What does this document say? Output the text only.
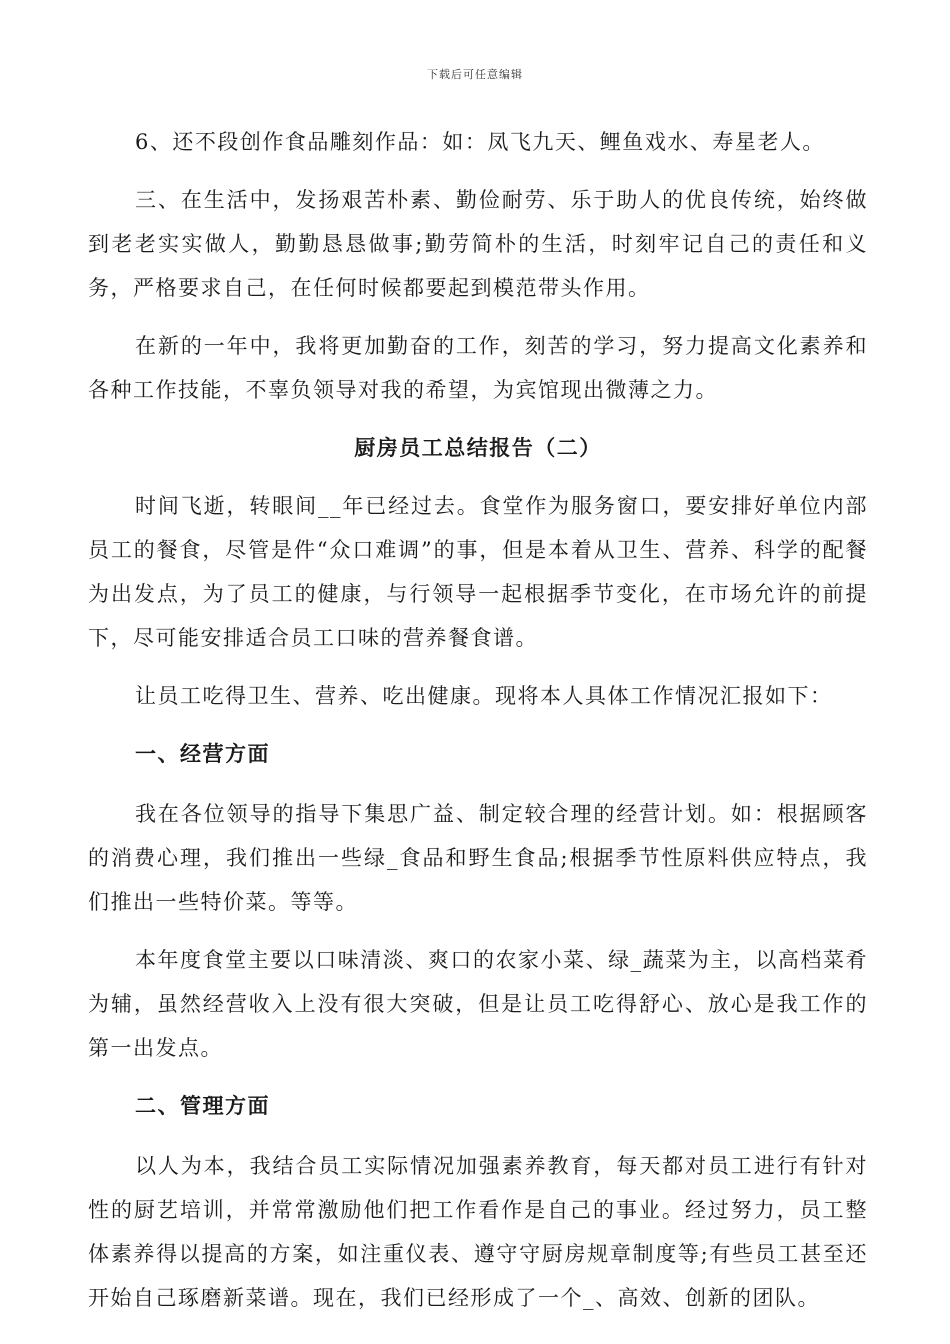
下载后可任意编辑

6、还不段创作食品雕刻作品：如：凤飞九天、鲤鱼戏水、寿星老人。

三、在生活中，发扬艰苦朴素、勤俭耐劳、乐于助人的优良传统，始终做到老老实实做人，勤勤恳恳做事;勤劳简朴的生活，时刻牢记自己的责任和义务，严格要求自己，在任何时候都要起到模范带头作用。

在新的一年中，我将更加勤奋的工作，刻苦的学习，努力提高文化素养和各种工作技能，不辜负领导对我的希望，为宾馆现出微薄之力。

厨房员工总结报告（二）

时间飞逝，转眼间__年已经过去。食堂作为服务窗口，要安排好单位内部员工的餐食，尽管是件“众口难调”的事，但是本着从卫生、营养、科学的配餐为出发点，为了员工的健康，与行领导一起根据季节变化，在市场允许的前提下，尽可能安排适合员工口味的营养餐食谱。

让员工吃得卫生、营养、吃出健康。现将本人具体工作情况汇报如下：

一、经营方面

我在各位领导的指导下集思广益、制定较合理的经营计划。如：根据顾客的消费心理，我们推出一些绿_食品和野生食品;根据季节性原料供应特点，我们推出一些特价菜。等等。

本年度食堂主要以口味清淡、爽口的农家小菜、绿_蔬菜为主，以高档菜肴为辅，虽然经营收入上没有很大突破，但是让员工吃得舒心、放心是我工作的第一出发点。

二、管理方面

以人为本，我结合员工实际情况加强素养教育，每天都对员工进行有针对性的厨艺培训，并常常激励他们把工作看作是自己的事业。经过努力，员工整体素养得以提高的方案，如注重仪表、遵守守厨房规章制度等;有些员工甚至还开始自己琢磨新菜谱。现在，我们已经形成了一个_、高效、创新的团队。
